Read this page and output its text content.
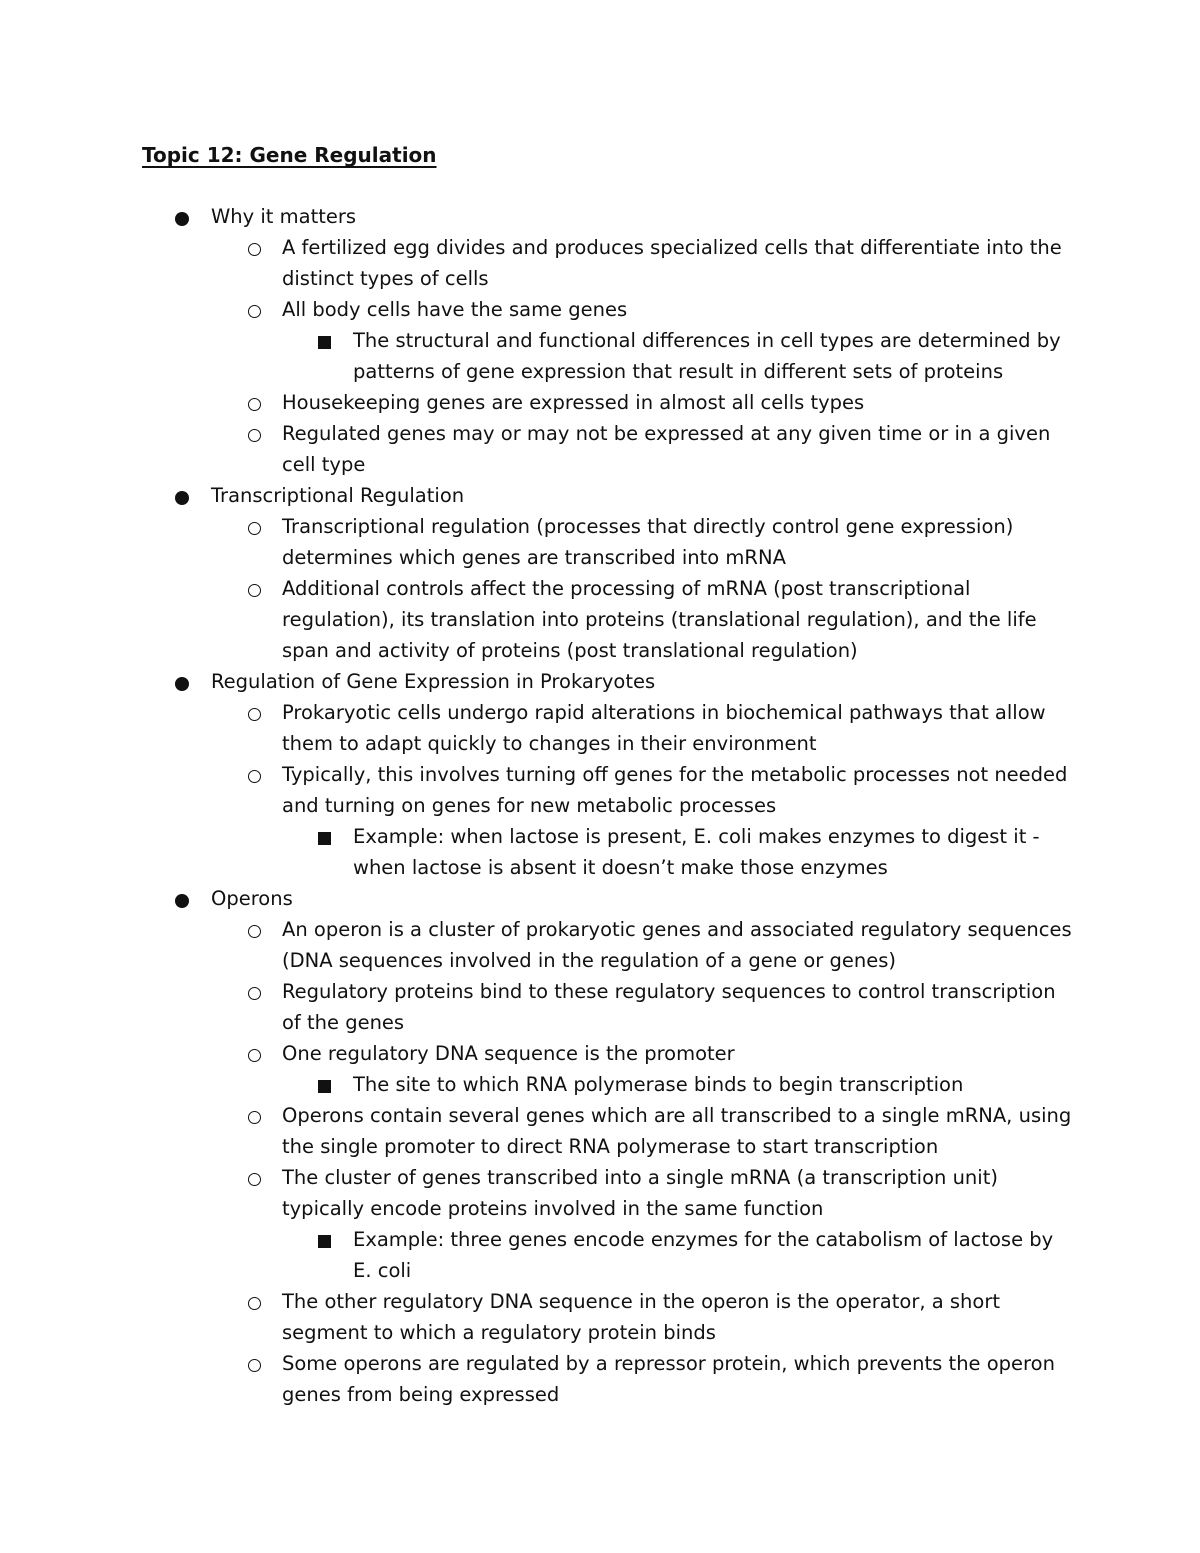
Topic 12: Gene Regulation
Why it matters
A fertilized egg divides and produces specialized cells that differentiate into the distinct types of cells
All body cells have the same genes
The structural and functional differences in cell types are determined by patterns of gene expression that result in different sets of proteins
Housekeeping genes are expressed in almost all cells types
Regulated genes may or may not be expressed at any given time or in a given cell type
Transcriptional Regulation
Transcriptional regulation (processes that directly control gene expression) determines which genes are transcribed into mRNA
Additional controls affect the processing of mRNA (post transcriptional regulation), its translation into proteins (translational regulation), and the life span and activity of proteins (post translational regulation)
Regulation of Gene Expression in Prokaryotes
Prokaryotic cells undergo rapid alterations in biochemical pathways that allow them to adapt quickly to changes in their environment
Typically, this involves turning off genes for the metabolic processes not needed and turning on genes for new metabolic processes
Example: when lactose is present, E. coli makes enzymes to digest it - when lactose is absent it doesn’t make those enzymes
Operons
An operon is a cluster of prokaryotic genes and associated regulatory sequences (DNA sequences involved in the regulation of a gene or genes)
Regulatory proteins bind to these regulatory sequences to control transcription of the genes
One regulatory DNA sequence is the promoter
The site to which RNA polymerase binds to begin transcription
Operons contain several genes which are all transcribed to a single mRNA, using the single promoter to direct RNA polymerase to start transcription
The cluster of genes transcribed into a single mRNA (a transcription unit) typically encode proteins involved in the same function
Example: three genes encode enzymes for the catabolism of lactose by E. coli
The other regulatory DNA sequence in the operon is the operator, a short segment to which a regulatory protein binds
Some operons are regulated by a repressor protein, which prevents the operon genes from being expressed
